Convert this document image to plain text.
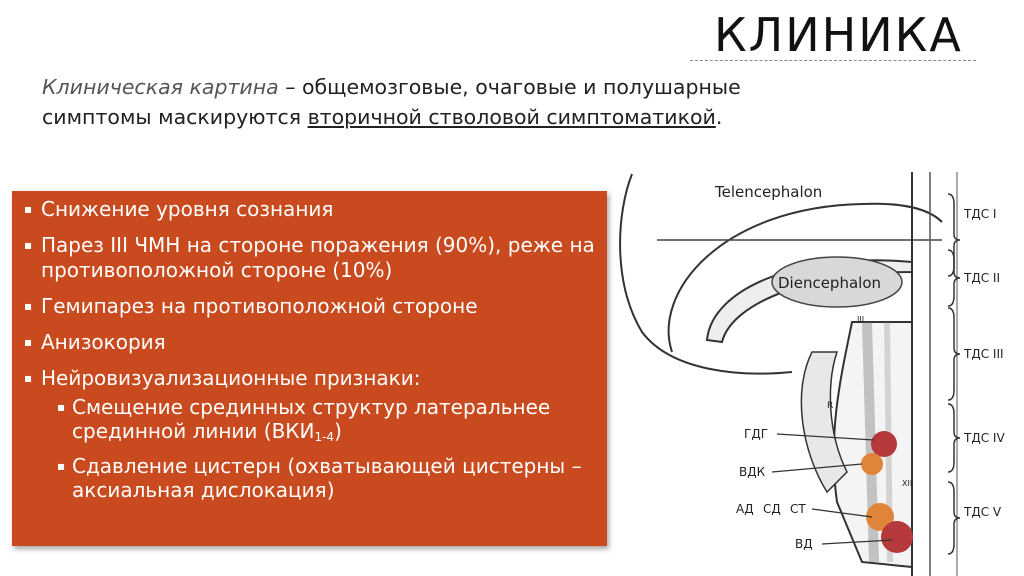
КЛИНИКА
Клиническая картина – общемозговые, очаговые и полушарные симптомы маскируются вторичной стволовой симптоматикой.
▪ Снижение уровня сознания
▪ Парез III ЧМН на стороне поражения (90%), реже на противоположной стороне (10%)
▪ Гемипарез на противоположной стороне
▪ Анизокория
▪ Нейровизуализационные признаки:
▪ Смещение срединных структур латеральнее срединной линии $(ВКИ_{1-4})$
▪ Сдавление цистерн (охватывающей цистерны – аксиальная дислокация)
Telencephalon
Diencephalon
ТДС I
ТДС II
ТДС III
ТДС IV
ТДС V
ГДГ
ВДК
АД СД СТ
ВД
R
III
XII
